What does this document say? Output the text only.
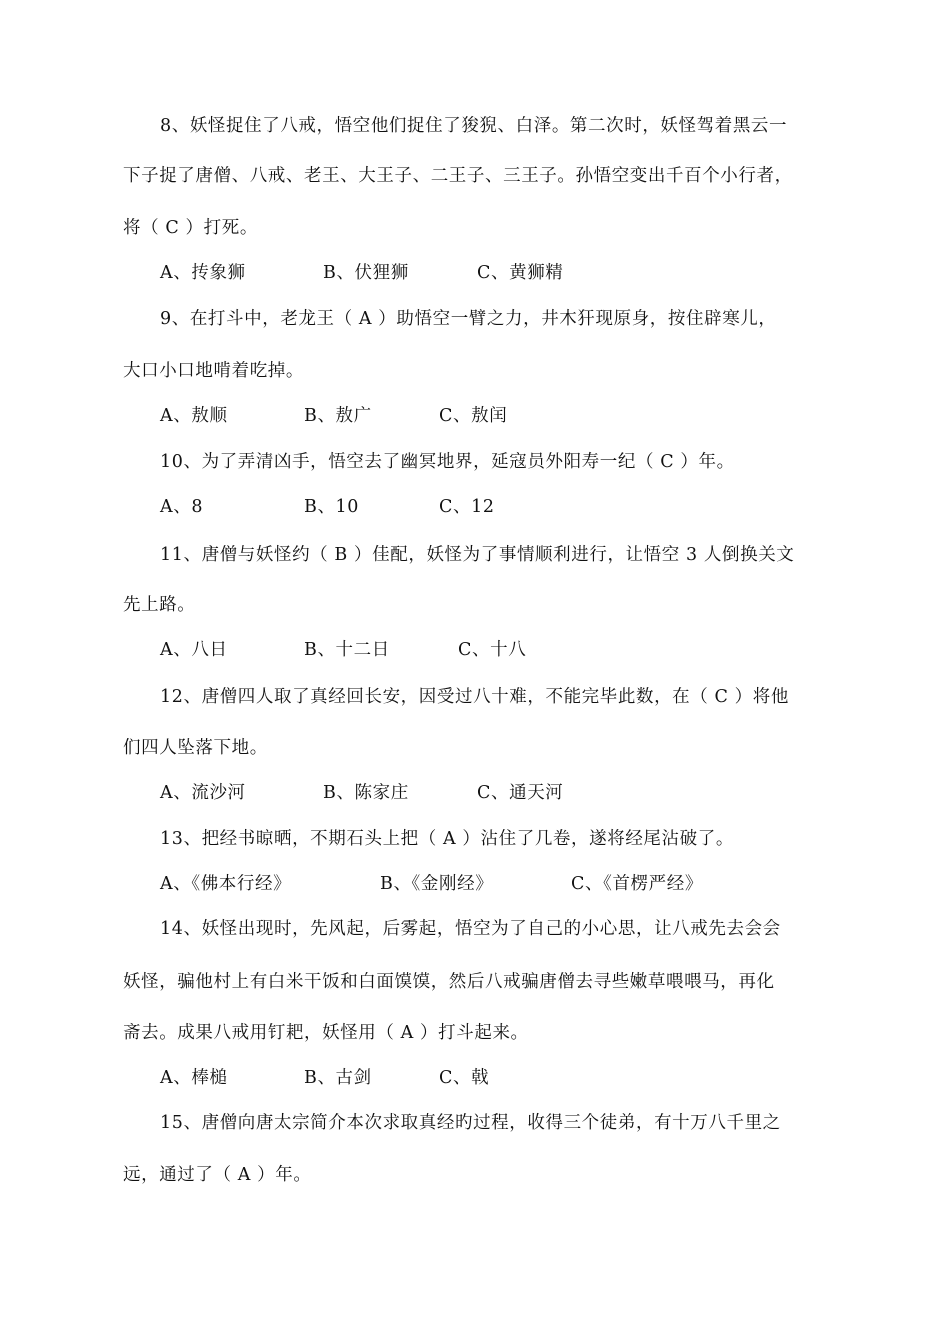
8、妖怪捉住了八戒，悟空他们捉住了狻猊、白泽。第二次时，妖怪驾着黑云一
下子捉了唐僧、八戒、老王、大王子、二王子、三王子。孙悟空变出千百个小行者，
将（ C ）打死。
A、抟象狮	B、伏狸狮	C、黄狮精
9、在打斗中，老龙王（ A ）助悟空一臂之力，井木犴现原身，按住辟寒儿，
大口小口地啃着吃掉。
A、敖顺	B、敖广	C、敖闰
10、为了弄清凶手，悟空去了幽冥地界，延寇员外阳寿一纪（ C ）年。
A、8	B、10	C、12
11、唐僧与妖怪约（ B ）佳配，妖怪为了事情顺利进行，让悟空 3 人倒换关文
先上路。
A、八日	B、十二日	C、十八
12、唐僧四人取了真经回长安，因受过八十难，不能完毕此数，在（ C ）将他
们四人坠落下地。
A、流沙河	B、陈家庄	C、通天河
13、把经书晾晒，不期石头上把（ A ）沾住了几卷，遂将经尾沾破了。
A、《佛本行经》	B、《金刚经》	C、《首楞严经》
14、妖怪出现时，先风起，后雾起，悟空为了自己的小心思，让八戒先去会会
妖怪，骗他村上有白米干饭和白面馍馍，然后八戒骗唐僧去寻些嫩草喂喂马，再化
斋去。成果八戒用钉耙，妖怪用（ A ）打斗起来。
A、棒槌	B、古剑	C、戟
15、唐僧向唐太宗简介本次求取真经旳过程，收得三个徒弟，有十万八千里之
远，通过了（ A ）年。
